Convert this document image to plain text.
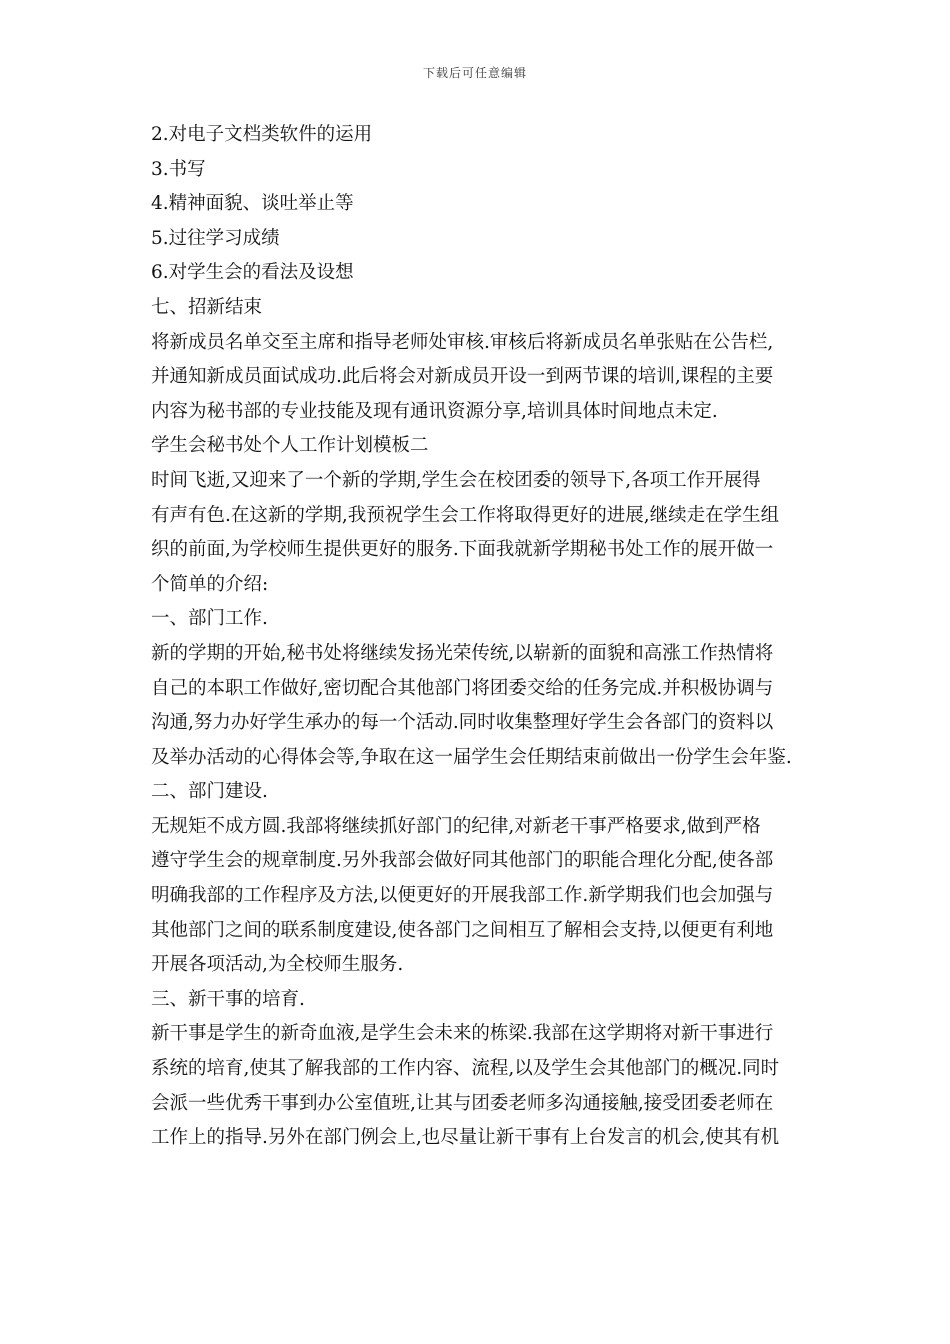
下载后可任意编辑
2.对电子文档类软件的运用
3.书写
4.精神面貌、谈吐举止等
5.过往学习成绩
6.对学生会的看法及设想
七、招新结束
将新成员名单交至主席和指导老师处审核.审核后将新成员名单张贴在公告栏,
并通知新成员面试成功.此后将会对新成员开设一到两节课的培训,课程的主要
内容为秘书部的专业技能及现有通讯资源分享,培训具体时间地点未定.
学生会秘书处个人工作计划模板二
时间飞逝,又迎来了一个新的学期,学生会在校团委的领导下,各项工作开展得
有声有色.在这新的学期,我预祝学生会工作将取得更好的进展,继续走在学生组
织的前面,为学校师生提供更好的服务.下面我就新学期秘书处工作的展开做一
个简单的介绍:
一、部门工作.
新的学期的开始,秘书处将继续发扬光荣传统,以崭新的面貌和高涨工作热情将
自己的本职工作做好,密切配合其他部门将团委交给的任务完成.并积极协调与
沟通,努力办好学生承办的每一个活动.同时收集整理好学生会各部门的资料以
及举办活动的心得体会等,争取在这一届学生会任期结束前做出一份学生会年鉴.
二、部门建设.
无规矩不成方圆.我部将继续抓好部门的纪律,对新老干事严格要求,做到严格
遵守学生会的规章制度.另外我部会做好同其他部门的职能合理化分配,使各部
明确我部的工作程序及方法,以便更好的开展我部工作.新学期我们也会加强与
其他部门之间的联系制度建设,使各部门之间相互了解相会支持,以便更有利地
开展各项活动,为全校师生服务.
三、新干事的培育.
新干事是学生的新奇血液,是学生会未来的栋梁.我部在这学期将对新干事进行
系统的培育,使其了解我部的工作内容、流程,以及学生会其他部门的概况.同时
会派一些优秀干事到办公室值班,让其与团委老师多沟通接触,接受团委老师在
工作上的指导.另外在部门例会上,也尽量让新干事有上台发言的机会,使其有机
